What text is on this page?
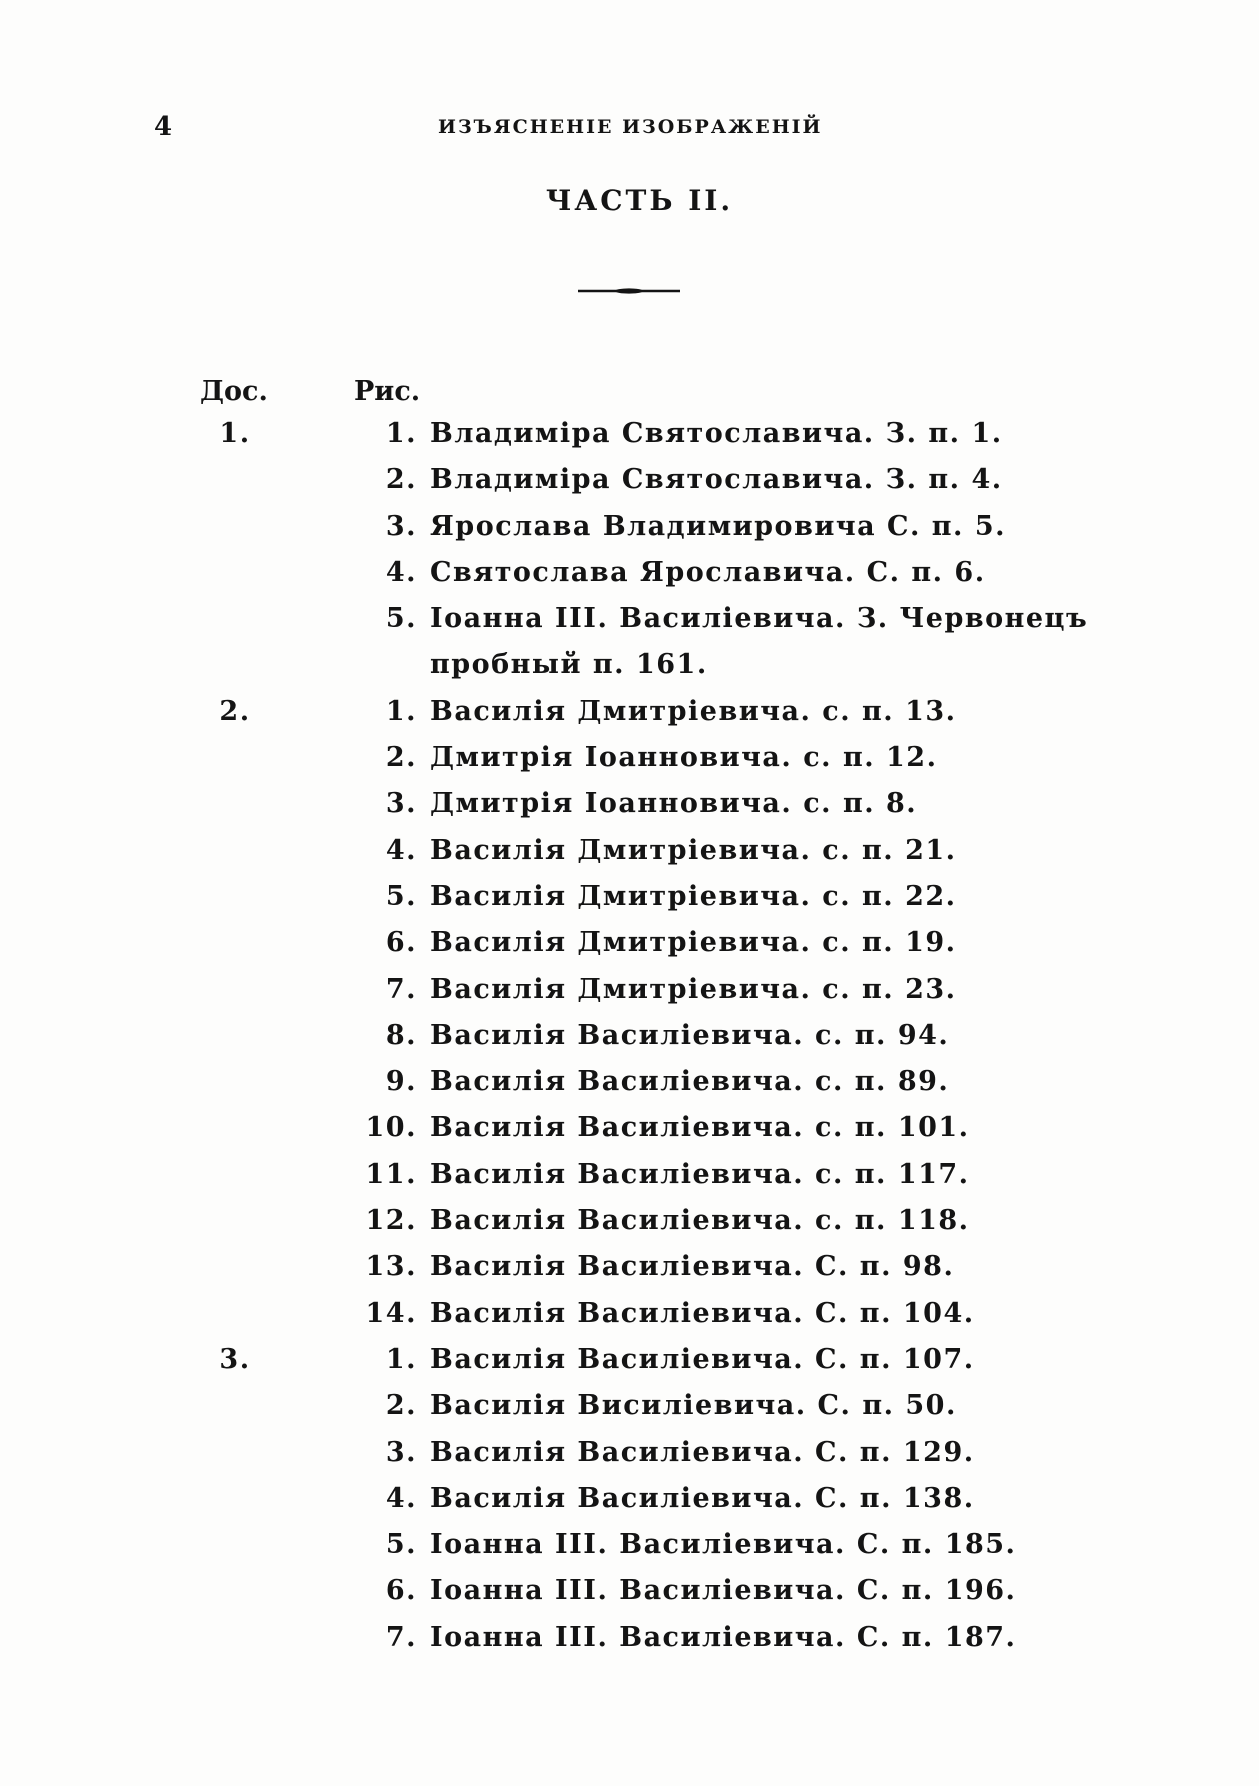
4	ИЗЪЯСНЕНІЕ ИЗОБРАЖЕНІЙ
ЧАСТЬ II.
Дос.	Рис.
1.	1. Владиміра Святославича. З. п. 1.
2. Владиміра Святославича. З. п. 4.
3. Ярослава Владимировича С. п. 5.
4. Святослава Ярославича. С. п. 6.
5. Іоанна III. Василіевича. З. Червонецъ
пробный п. 161.
2.	1. Василія Дмитріевича. с. п. 13.
2. Дмитрія Іоанновича. с. п. 12.
3. Дмитрія Іоанновича. с. п. 8.
4. Василія Дмитріевича. с. п. 21.
5. Василія Дмитріевича. с. п. 22.
6. Василія Дмитріевича. с. п. 19.
7. Василія Дмитріевича. с. п. 23.
8. Василія Василіевича. с. п. 94.
9. Василія Василіевича. с. п. 89.
10. Василія Василіевича. с. п. 101.
11. Василія Василіевича. с. п. 117.
12. Василія Василіевича. с. п. 118.
13. Василія Василіевича. С. п. 98.
14. Василія Василіевича. С. п. 104.
3.	1. Василія Василіевича. С. п. 107.
2. Василія Висиліевича. С. п. 50.
3. Василія Василіевича. С. п. 129.
4. Василія Василіевича. С. п. 138.
5. Іоанна III. Василіевича. С. п. 185.
6. Іоанна III. Василіевича. С. п. 196.
7. Іоанна III. Василіевича. С. п. 187.
